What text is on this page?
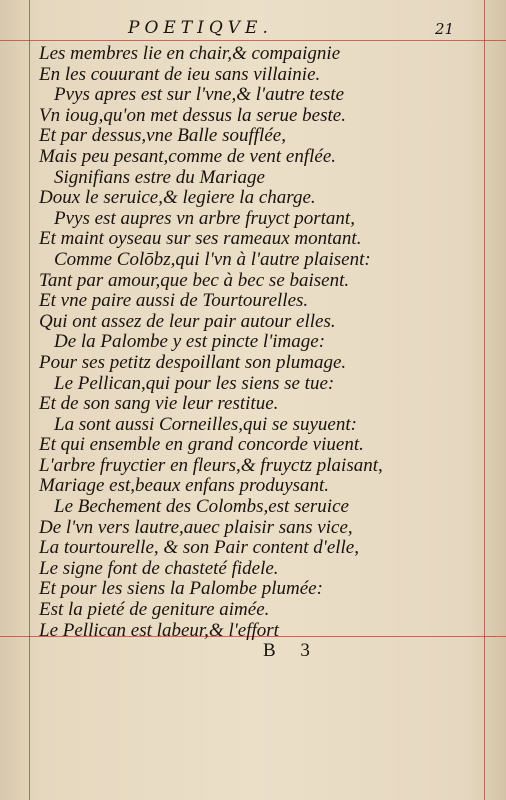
POETIQVE.	21
Les membres lie en chair,& compaignie
En les couurant de ieu sans villainie.
Pvys apres est sur l'vne,& l'autre teste
Vn ioug,qu'on met dessus la serue beste.
Et par dessus,vne Balle soufflée,
Mais peu pesant,comme de vent enflée.
Signifians estre du Mariage
Doux le seruice,& legiere la charge.
Pvys est aupres vn arbre fruyct portant,
Et maint oyseau sur ses rameaux montant.
Comme Colōbz,qui l'vn à l'autre plaisent:
Tant par amour,que bec à bec se baisent.
Et vne paire aussi de Tourtourelles.
Qui ont assez de leur pair autour elles.
De la Palombe y est pincte l'image:
Pour ses petitz despoillant son plumage.
Le Pellican,qui pour les siens se tue:
Et de son sang vie leur restitue.
La sont aussi Corneilles,qui se suyuent:
Et qui ensemble en grand concorde viuent.
L'arbre fruyctier en fleurs,& fruyctz plaisant,
Mariage est,beaux enfans produysant.
Le Bechement des Colombs,est seruice
De l'vn vers lautre,auec plaisir sans vice,
La tourtourelle, & son Pair content d'elle,
Le signe font de chasteté fidele.
Et pour les siens la Palombe plumée:
Est la pieté de geniture aimée.
Le Pellican est labeur,& l'effort
B 3
